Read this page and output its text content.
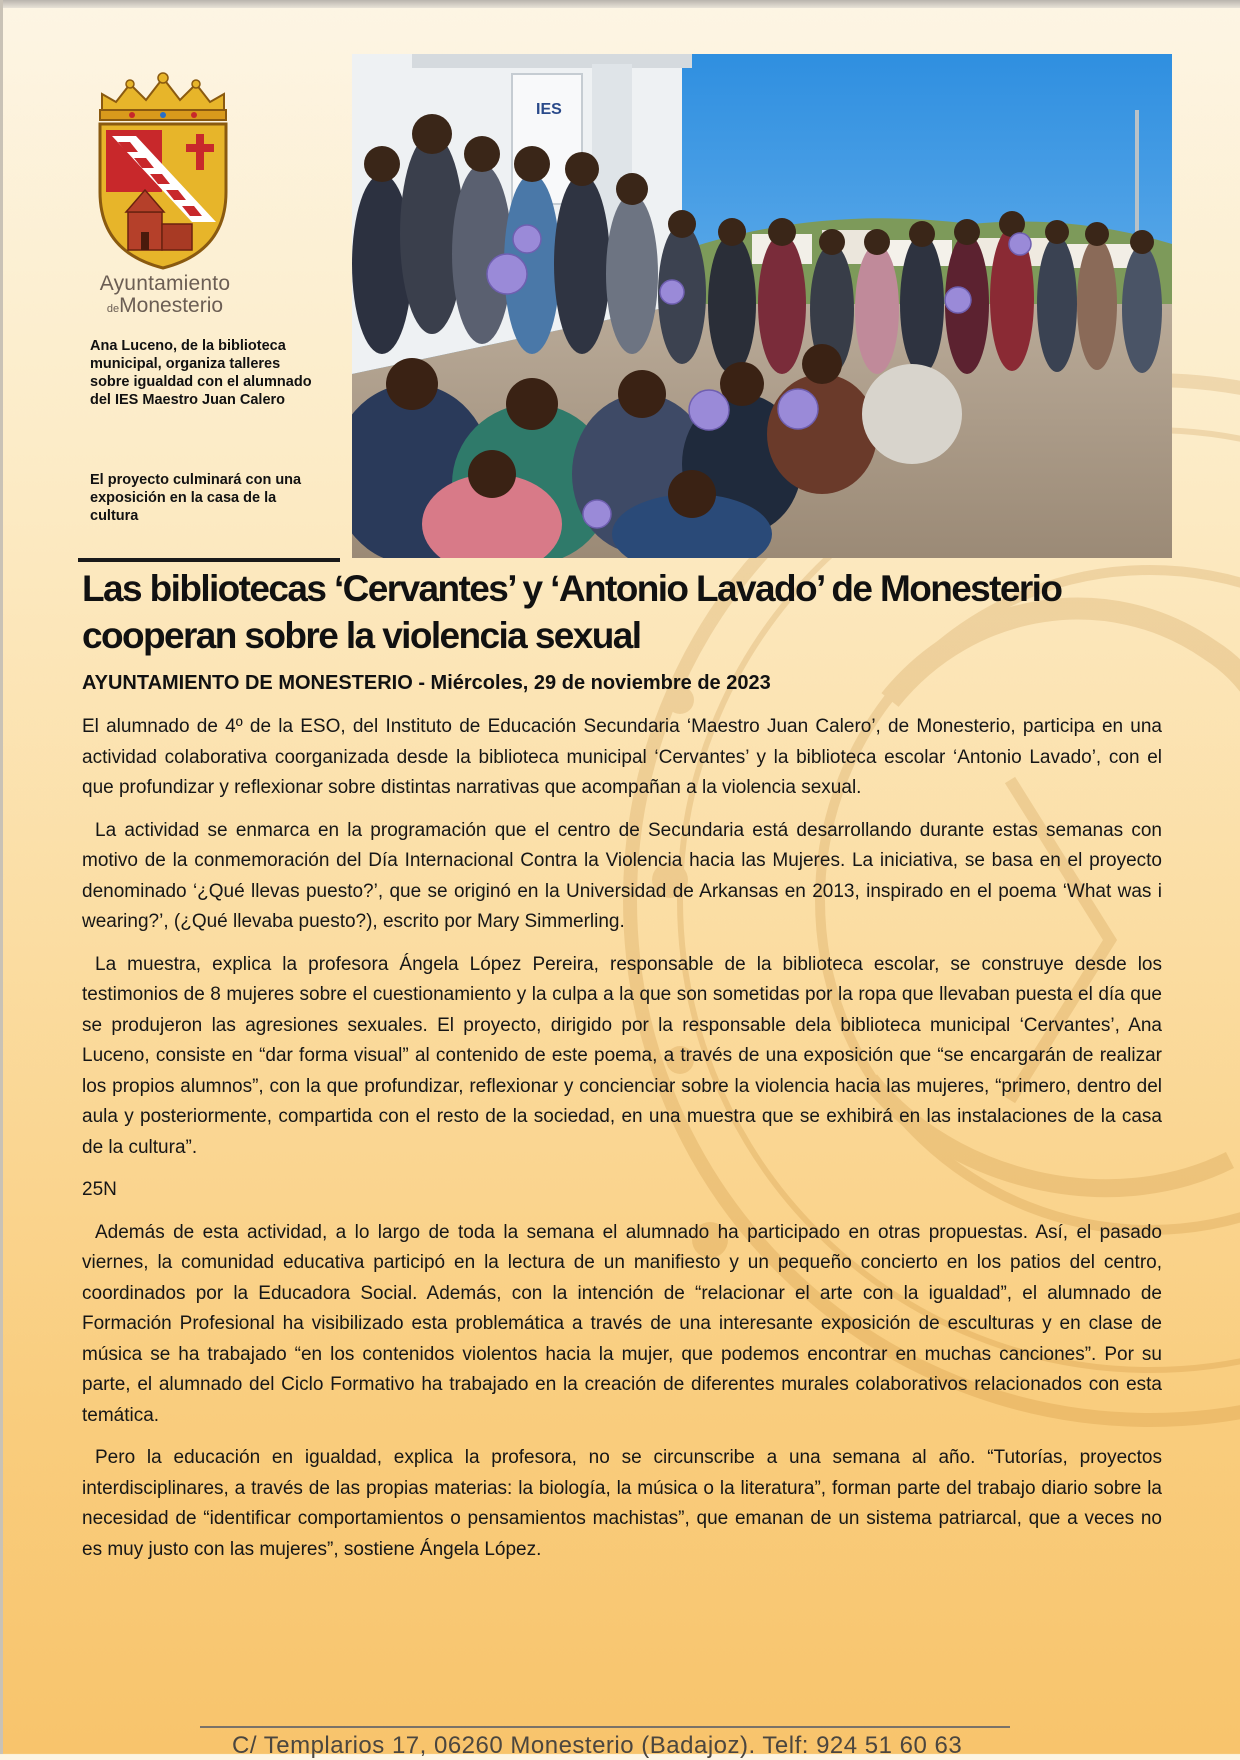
Ayuntamiento
deMonesterio
Ana Luceno, de la biblioteca municipal, organiza talleres sobre igualdad con el alumnado del IES Maestro Juan Calero
El proyecto culminará con una exposición en la casa de la cultura
IES
Las bibliotecas ‘Cervantes’ y ‘Antonio Lavado’ de Monesterio cooperan sobre la violencia sexual
AYUNTAMIENTO DE MONESTERIO - Miércoles, 29 de noviembre de 2023

El alumnado de 4º de la ESO, del Instituto de Educación Secundaria ‘Maestro Juan Calero’, de Monesterio, participa en una actividad colaborativa coorganizada desde la biblioteca municipal ‘Cervantes’ y la biblioteca escolar ‘Antonio Lavado’, con el que profundizar y reflexionar sobre distintas narrativas que acompañan a la violencia sexual.

La actividad se enmarca en la programación que el centro de Secundaria está desarrollando durante estas semanas con motivo de la conmemoración del Día Internacional Contra la Violencia hacia las Mujeres. La iniciativa, se basa en el proyecto denominado ‘¿Qué llevas puesto?’, que se originó en la Universidad de Arkansas en 2013, inspirado en el poema ‘What was i wearing?’, (¿Qué llevaba puesto?), escrito por Mary Simmerling.

La muestra, explica la profesora Ángela López Pereira, responsable de la biblioteca escolar, se construye desde los testimonios de 8 mujeres sobre el cuestionamiento y la culpa a la que son sometidas por la ropa que llevaban puesta el día que se produjeron las agresiones sexuales. El proyecto, dirigido por la responsable dela biblioteca municipal ‘Cervantes’, Ana Luceno, consiste en “dar forma visual” al contenido de este poema, a través de una exposición que “se encargarán de realizar los propios alumnos”, con la que profundizar, reflexionar y concienciar sobre la violencia hacia las mujeres, “primero, dentro del aula y posteriormente, compartida con el resto de la sociedad, en una muestra que se exhibirá en las instalaciones de la casa de la cultura”.

25N

Además de esta actividad, a lo largo de toda la semana el alumnado ha participado en otras propuestas. Así, el pasado viernes, la comunidad educativa participó en la lectura de un manifiesto y un pequeño concierto en los patios del centro, coordinados por la Educadora Social. Además, con la intención de “relacionar el arte con la igualdad”, el alumnado de Formación Profesional ha visibilizado esta problemática a través de una interesante exposición de esculturas y en clase de música se ha trabajado “en los contenidos violentos hacia la mujer, que podemos encontrar en muchas canciones”. Por su parte, el alumnado del Ciclo Formativo ha trabajado en la creación de diferentes murales colaborativos relacionados con esta temática.

Pero la educación en igualdad, explica la profesora, no se circunscribe a una semana al año. “Tutorías, proyectos interdisciplinares, a través de las propias materias: la biología, la música o la literatura”, forman parte del trabajo diario sobre la necesidad de “identificar comportamientos o pensamientos machistas”, que emanan de un sistema patriarcal, que a veces no es muy justo con las mujeres”, sostiene Ángela López.

C/ Templarios 17, 06260 Monesterio (Badajoz). Telf: 924 51 60 63
